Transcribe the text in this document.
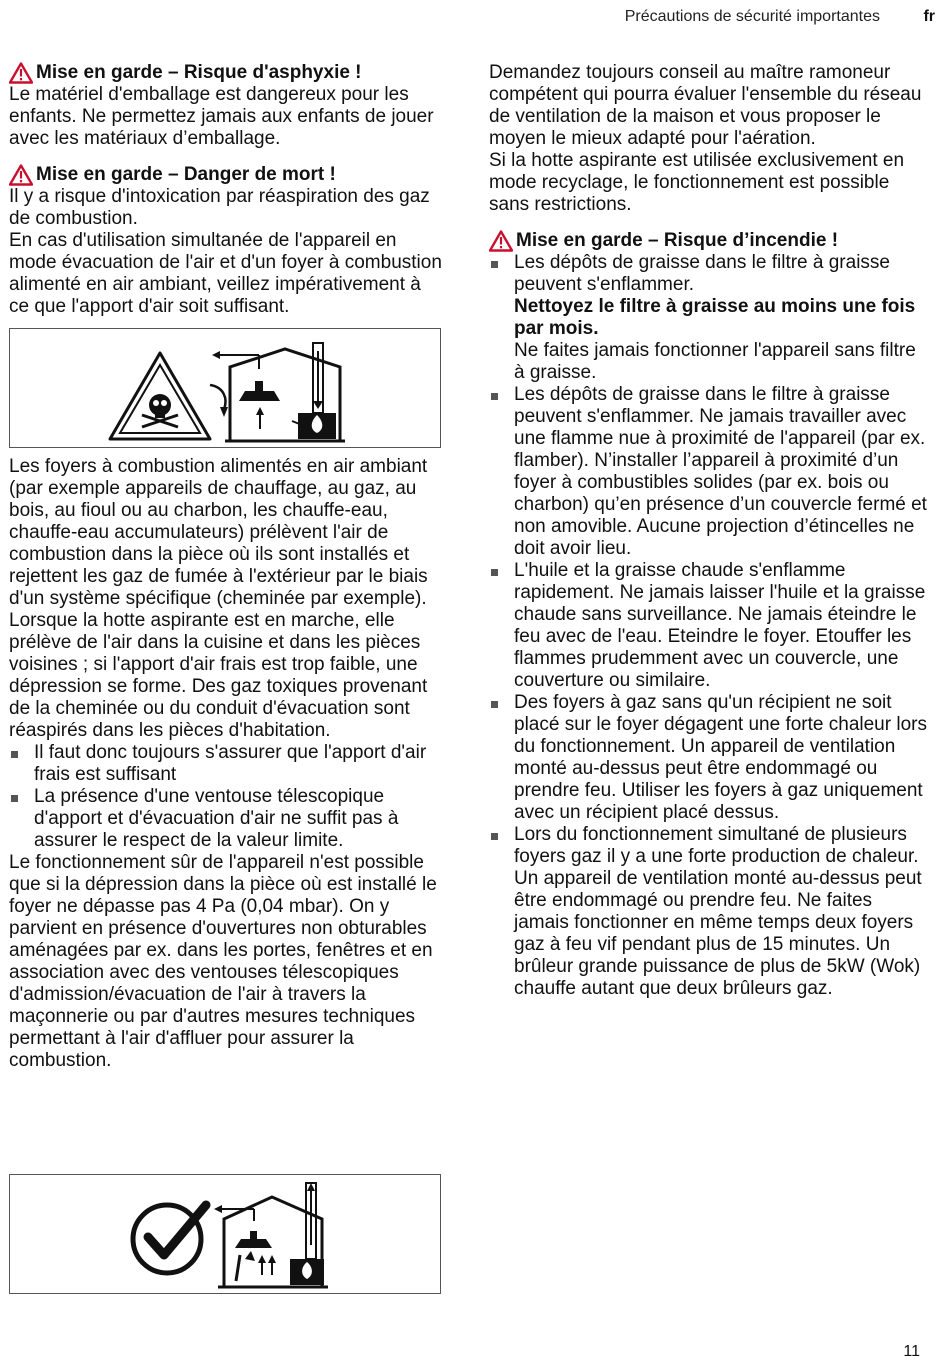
Précautions de sécurité importantes	fr
Mise en garde – Risque d'asphyxie !

Le matériel d'emballage est dangereux pour les enfants. Ne permettez jamais aux enfants de jouer avec les matériaux d’emballage.

Mise en garde – Danger de mort !

Il y a risque d'intoxication par réaspiration des gaz de combustion.

En cas d'utilisation simultanée de l'appareil en mode évacuation de l'air et d'un foyer à combustion alimenté en air ambiant, veillez impérativement à ce que l'apport d'air soit suffisant.

Les foyers à combustion alimentés en air ambiant (par exemple appareils de chauffage, au gaz, au bois, au fioul ou au charbon, les chauffe-eau, chauffe-eau accumulateurs) prélèvent l'air de combustion dans la pièce où ils sont installés et rejettent les gaz de fumée à l'extérieur par le biais d'un système spécifique (cheminée par exemple).

Lorsque la hotte aspirante est en marche, elle prélève de l'air dans la cuisine et dans les pièces voisines ; si l'apport d'air frais est trop faible, une dépression se forme. Des gaz toxiques provenant de la cheminée ou du conduit d'évacuation sont réaspirés dans les pièces d'habitation.

Il faut donc toujours s'assurer que l'apport d'air frais est suffisant
La présence d'une ventouse télescopique d'apport et d'évacuation d'air ne suffit pas à assurer le respect de la valeur limite.

Le fonctionnement sûr de l'appareil n'est possible que si la dépression dans la pièce où est installé le foyer ne dépasse pas 4 Pa (0,04 mbar). On y parvient en présence d'ouvertures non obturables aménagées par ex. dans les portes, fenêtres et en association avec des ventouses télescopiques d'admission/évacuation de l'air à travers la maçonnerie ou par d'autres mesures techniques permettant à l'air d'affluer pour assurer la combustion.

Demandez toujours conseil au maître ramoneur compétent qui pourra évaluer l'ensemble du réseau de ventilation de la maison et vous proposer le moyen le mieux adapté pour l'aération.

Si la hotte aspirante est utilisée exclusivement en mode recyclage, le fonctionnement est possible sans restrictions.

Mise en garde – Risque d’incendie !
Les dépôts de graisse dans le filtre à graisse peuvent s'enflammer.
Nettoyez le filtre à graisse au moins une fois par mois.
Ne faites jamais fonctionner l'appareil sans filtre à graisse.
Les dépôts de graisse dans le filtre à graisse peuvent s'enflammer. Ne jamais travailler avec une flamme nue à proximité de l'appareil (par ex. flamber). N’installer l’appareil à proximité d’un foyer à combustibles solides (par ex. bois ou charbon) qu’en présence d’un couvercle fermé et non amovible. Aucune projection d’étincelles ne doit avoir lieu.
L'huile et la graisse chaude s'enflamme rapidement. Ne jamais laisser l'huile et la graisse chaude sans surveillance. Ne jamais éteindre le feu avec de l'eau. Eteindre le foyer. Etouffer les flammes prudemment avec un couvercle, une couverture ou similaire.
Des foyers à gaz sans qu'un récipient ne soit placé sur le foyer dégagent une forte chaleur lors du fonctionnement. Un appareil de ventilation monté au-dessus peut être endommagé ou prendre feu. Utiliser les foyers à gaz uniquement avec un récipient placé dessus.
Lors du fonctionnement simultané de plusieurs foyers gaz il y a une forte production de chaleur. Un appareil de ventilation monté au-dessus peut être endommagé ou prendre feu. Ne faites jamais fonctionner en même temps deux foyers gaz à feu vif pendant plus de 15 minutes. Un brûleur grande puissance de plus de 5kW (Wok) chauffe autant que deux brûleurs gaz.
11
